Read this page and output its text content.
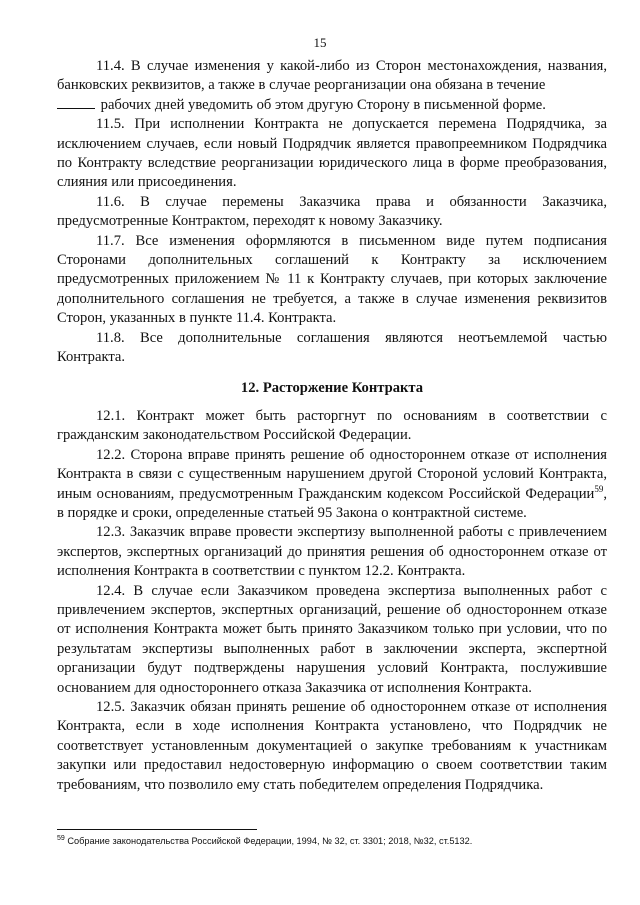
15

11.4. В случае изменения у какой-либо из Сторон местонахождения, названия, банковских реквизитов, а также в случае реорганизации она обязана в течение
рабочих дней уведомить об этом другую Сторону в письменной форме.

11.5. При исполнении Контракта не допускается перемена Подрядчика, за исключением случаев, если новый Подрядчик является правопреемником Подрядчика по Контракту вследствие реорганизации юридического лица в форме преобразования, слияния или присоединения.

11.6. В случае перемены Заказчика права и обязанности Заказчика, предусмотренные Контрактом, переходят к новому Заказчику.

11.7. Все изменения оформляются в письменном виде путем подписания Сторонами дополнительных соглашений к Контракту за исключением предусмотренных приложением № 11 к Контракту случаев, при которых заключение дополнительного соглашения не требуется, а также в случае изменения реквизитов Сторон, указанных в пункте 11.4. Контракта.

11.8. Все дополнительные соглашения являются неотъемлемой частью Контракта.

12. Расторжение Контракта

12.1. Контракт может быть расторгнут по основаниям в соответствии с гражданским законодательством Российской Федерации.

12.2. Сторона вправе принять решение об одностороннем отказе от исполнения Контракта в связи с существенным нарушением другой Стороной условий Контракта, иным основаниям, предусмотренным Гражданским кодексом Российской Федерации$^{59}$, в порядке и сроки, определенные статьей 95 Закона о контрактной системе.

12.3. Заказчик вправе провести экспертизу выполненной работы с привлечением экспертов, экспертных организаций до принятия решения об одностороннем отказе от исполнения Контракта в соответствии с пунктом 12.2. Контракта.

12.4. В случае если Заказчиком проведена экспертиза выполненных работ с привлечением экспертов, экспертных организаций, решение об одностороннем отказе от исполнения Контракта может быть принято Заказчиком только при условии, что по результатам экспертизы выполненных работ в заключении эксперта, экспертной организации будут подтверждены нарушения условий Контракта, послужившие основанием для одностороннего отказа Заказчика от исполнения Контракта.

12.5. Заказчик обязан принять решение об одностороннем отказе от исполнения Контракта, если в ходе исполнения Контракта установлено, что Подрядчик не соответствует установленным документацией о закупке требованиям к участникам закупки или предоставил недостоверную информацию о своем соответствии таким требованиям, что позволило ему стать победителем определения Подрядчика.

$^{59}$ Собрание законодательства Российской Федерации, 1994, № 32, ст. 3301; 2018, №32, ст.5132.
